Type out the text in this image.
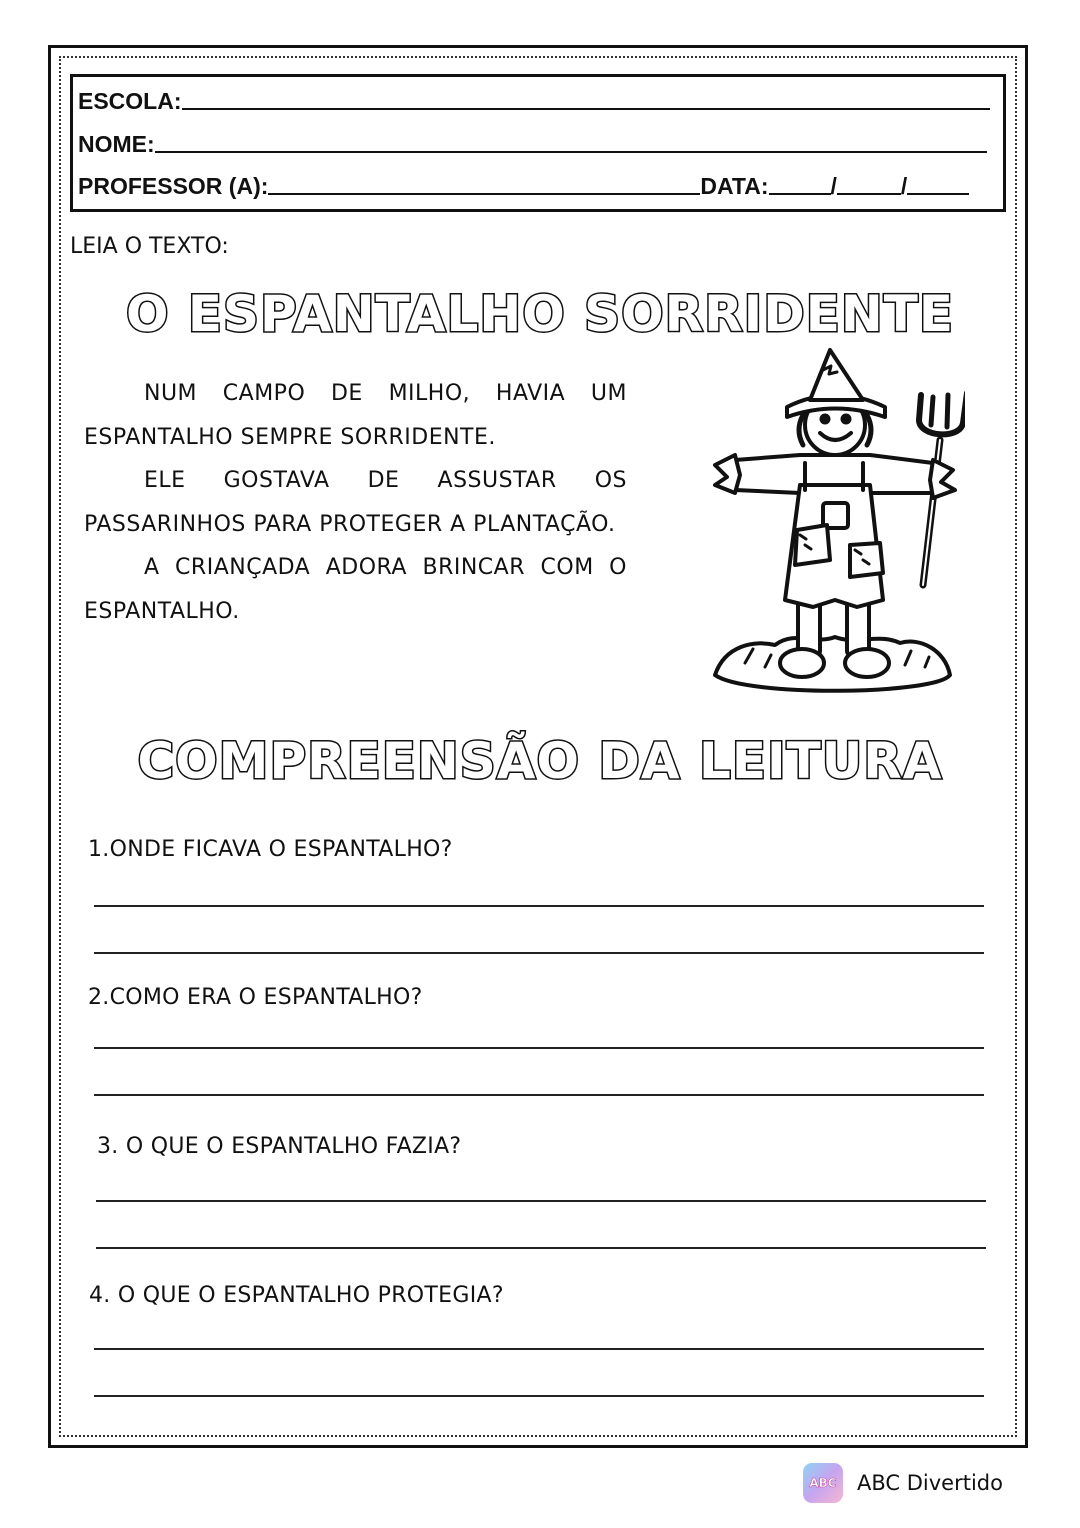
ESCOLA:
NOME:
PROFESSOR (A):	DATA:	/	/
LEIA O TEXTO:
O ESPANTALHO SORRIDENTE

NUM CAMPO DE MILHO, HAVIA UM ESPANTALHO SEMPRE SORRIDENTE.

ELE GOSTAVA DE ASSUSTAR OS PASSARINHOS PARA PROTEGER A PLANTAÇÃO.

A CRIANÇADA ADORA BRINCAR COM O ESPANTALHO.

COMPREENSÃO DA LEITURA
1.ONDE FICAVA O ESPANTALHO?
2.COMO ERA O ESPANTALHO?
3. O QUE O ESPANTALHO FAZIA?
4. O QUE O ESPANTALHO PROTEGIA?
ABC ABC Divertido
